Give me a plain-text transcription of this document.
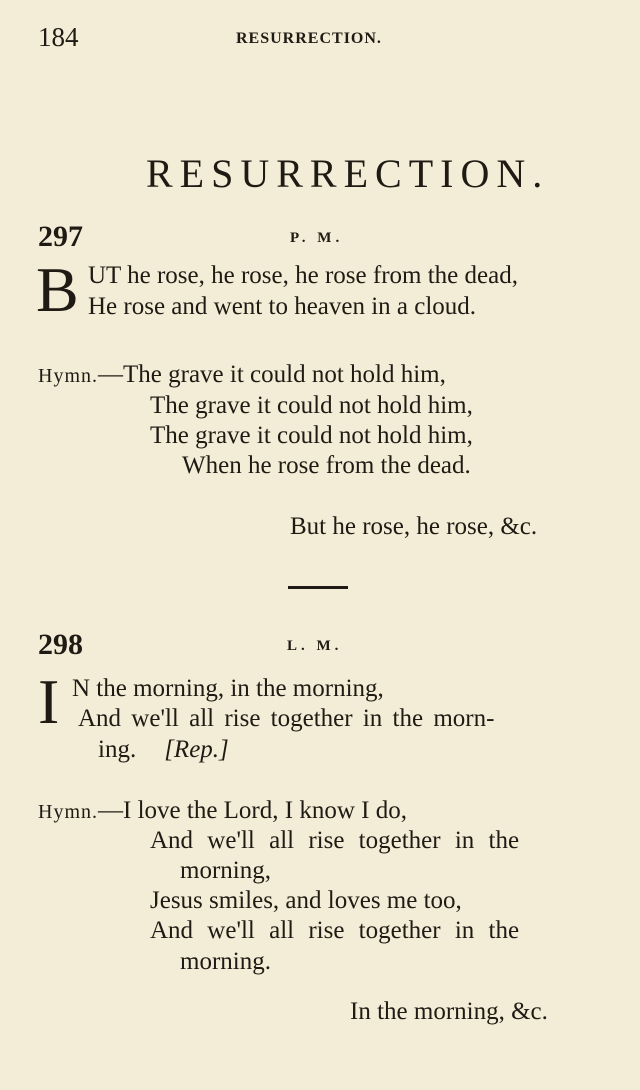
184	RESURRECTION.
RESURRECTION.
297	P. M.
B UT he rose, he rose, he rose from the dead,
He rose and went to heaven in a cloud.
Hymn.—The grave it could not hold him,
The grave it could not hold him,
The grave it could not hold him,
When he rose from the dead.
But he rose, he rose, &c.
298	L. M.
I N the morning, in the morning,
And we'll all rise together in the morn-
ing. [Rep.]
Hymn.—I love the Lord, I know I do,
And we'll all rise together in the
morning,
Jesus smiles, and loves me too,
And we'll all rise together in the
morning.
In the morning, &c.
